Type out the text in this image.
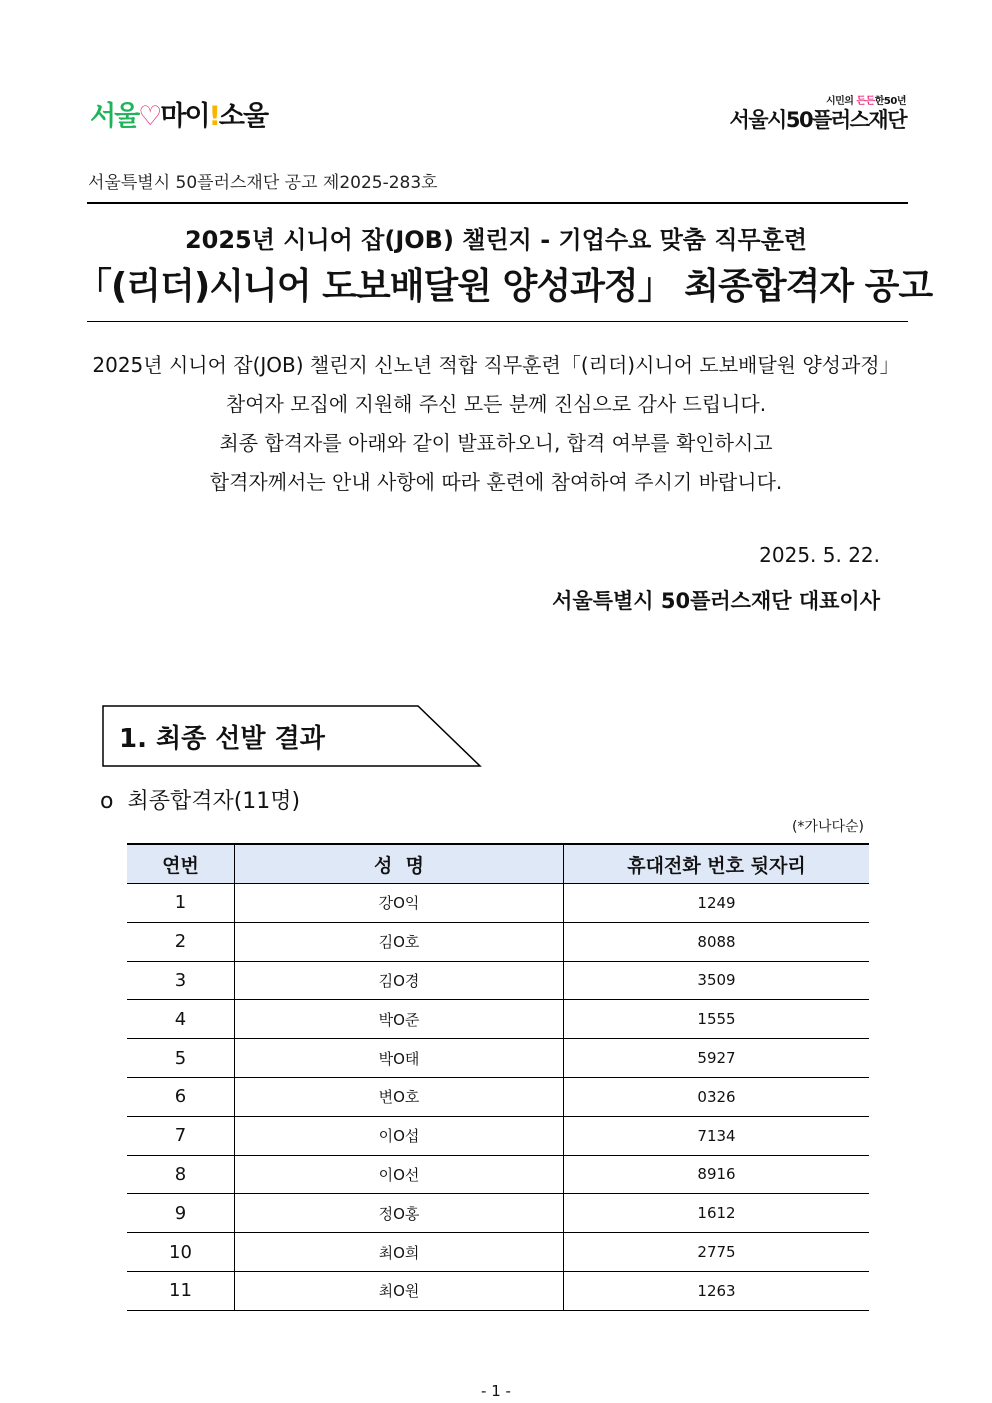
서울♡마이!소울	시민의 든든한50년
서울시50플러스재단
서울특별시 50플러스재단 공고 제2025-283호
2025년 시니어 잡(JOB) 챌린지 - 기업수요 맞춤 직무훈련
「(리더)시니어 도보배달원 양성과정」 최종합격자 공고
2025년 시니어 잡(JOB) 챌린지 신노년 적합 직무훈련「(리더)시니어 도보배달원 양성과정」
참여자 모집에 지원해 주신 모든 분께 진심으로 감사 드립니다.
최종 합격자를 아래와 같이 발표하오니, 합격 여부를 확인하시고
합격자께서는 안내 사항에 따라 훈련에 참여하여 주시기 바랍니다.
2025. 5. 22.
서울특별시 50플러스재단 대표이사
1. 최종 선발 결과
o  최종합격자(11명)
(*가나다순)
연번	성  명	휴대전화 번호 뒷자리
1	강O익	1249
2	김O호	8088
3	김O경	3509
4	박O준	1555
5	박O태	5927
6	변O호	0326
7	이O섭	7134
8	이O선	8916
9	정O홍	1612
10	최O희	2775
11	최O원	1263
- 1 -
